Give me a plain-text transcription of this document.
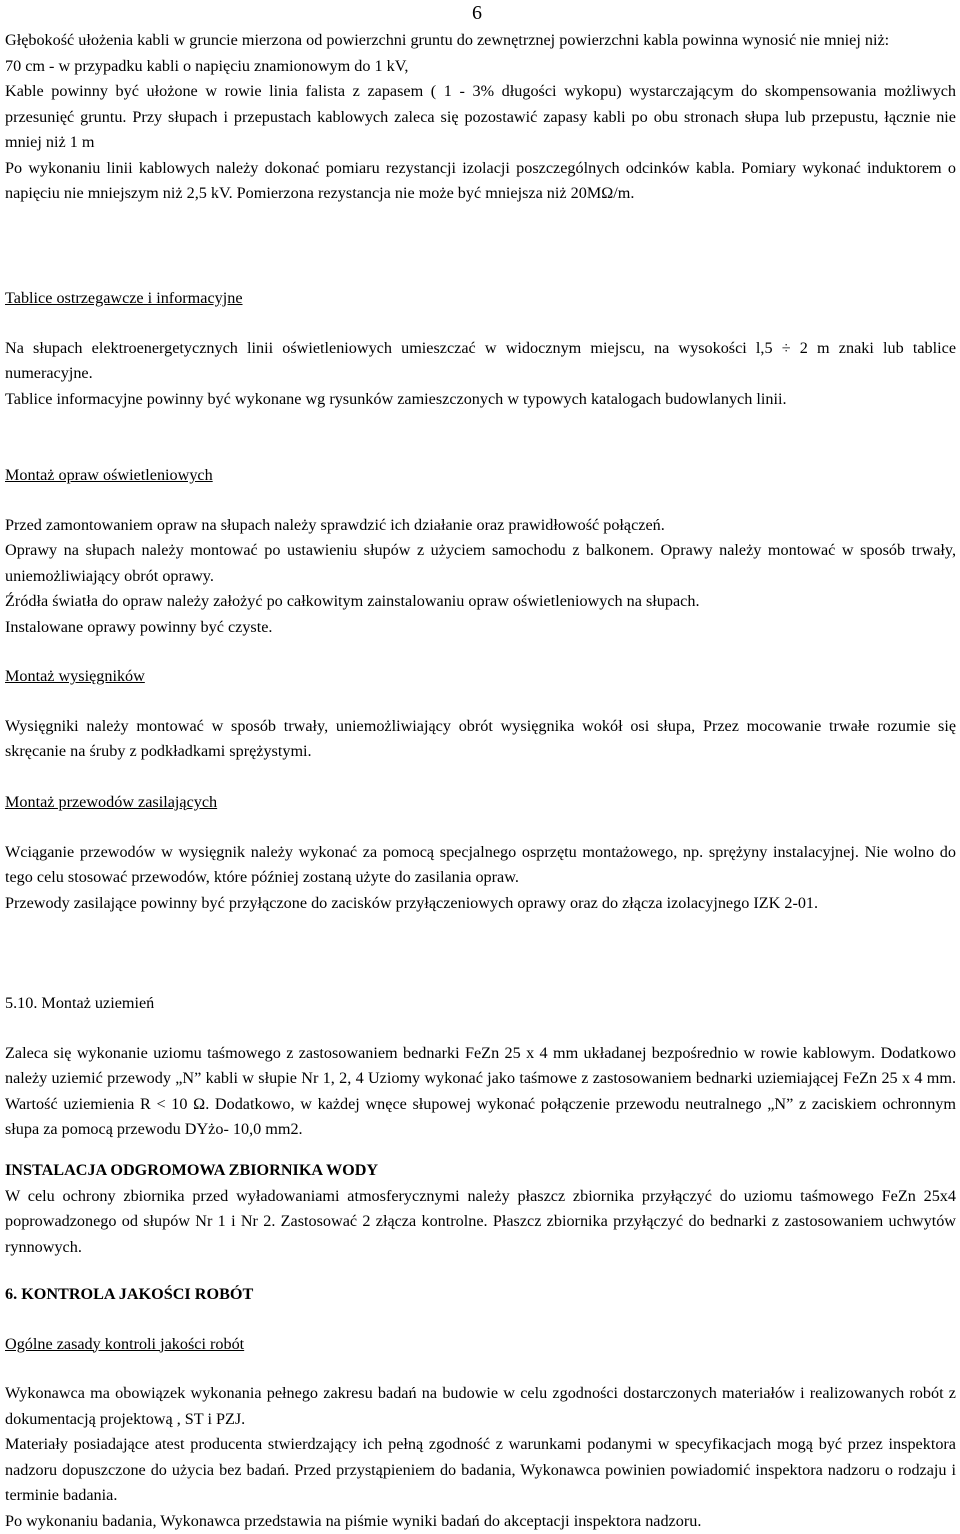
6

Głębokość ułożenia kabli w gruncie mierzona od powierzchni gruntu do zewnętrznej powierzchni kabla powinna wynosić nie mniej niż:

70 cm - w przypadku kabli o napięciu znamionowym do 1 kV,

Kable powinny być ułożone w rowie linia falista z zapasem ( 1 - 3% długości wykopu) wystarczającym do skompensowania możliwych przesunięć gruntu. Przy słupach i przepustach kablowych zaleca się pozostawić zapasy kabli po obu stronach słupa lub przepustu, łącznie nie mniej niż 1 m

Po wykonaniu linii kablowych należy dokonać pomiaru rezystancji izolacji poszczególnych odcinków kabla. Pomiary wykonać induktorem o napięciu nie mniejszym niż 2,5 kV. Pomierzona rezystancja nie może być mniejsza niż 20MΩ/m.

Tablice ostrzegawcze i informacyjne

Na słupach elektroenergetycznych linii oświetleniowych umieszczać w widocznym miejscu, na wysokości l,5 ÷ 2 m znaki lub tablice numeracyjne.

Tablice informacyjne powinny być wykonane wg rysunków zamieszczonych w typowych katalogach budowlanych linii.

Montaż opraw oświetleniowych

Przed zamontowaniem opraw na słupach należy sprawdzić ich działanie oraz prawidłowość połączeń.

Oprawy na słupach należy montować po ustawieniu słupów z użyciem samochodu z balkonem. Oprawy należy montować w sposób trwały, uniemożliwiający obrót oprawy.

Źródła światła do opraw należy założyć po całkowitym zainstalowaniu opraw oświetleniowych na słupach.

Instalowane oprawy powinny być czyste.

Montaż wysięgników

Wysięgniki należy montować w sposób trwały, uniemożliwiający obrót wysięgnika wokół osi słupa, Przez mocowanie trwałe rozumie się skręcanie na śruby z podkładkami sprężystymi.

Montaż przewodów zasilających

Wciąganie przewodów w wysięgnik należy wykonać za pomocą specjalnego osprzętu montażowego, np. sprężyny instalacyjnej. Nie wolno do tego celu stosować przewodów, które później zostaną użyte do zasilania opraw.

Przewody zasilające powinny być przyłączone do zacisków przyłączeniowych oprawy oraz do złącza izolacyjnego IZK 2-01.

5.10. Montaż uziemień

Zaleca się wykonanie uziomu taśmowego z zastosowaniem bednarki FeZn 25 x 4 mm układanej bezpośrednio w rowie kablowym. Dodatkowo należy uziemić przewody „N” kabli w słupie Nr 1, 2, 4 Uziomy wykonać jako taśmowe z zastosowaniem bednarki uziemiającej FeZn 25 x 4 mm. Wartość uziemienia R < 10 Ω. Dodatkowo, w każdej wnęce słupowej wykonać połączenie przewodu neutralnego „N” z zaciskiem ochronnym słupa za pomocą przewodu DYżo- 10,0 mm2.

INSTALACJA ODGROMOWA ZBIORNIKA WODY

W celu ochrony zbiornika przed wyładowaniami atmosferycznymi należy płaszcz zbiornika przyłączyć do uziomu taśmowego FeZn 25x4 poprowadzonego od słupów Nr 1 i Nr 2. Zastosować 2 złącza kontrolne. Płaszcz zbiornika przyłączyć do bednarki z zastosowaniem uchwytów rynnowych.

6. KONTROLA JAKOŚCI ROBÓT

Ogólne zasady kontroli jakości robót

Wykonawca ma obowiązek wykonania pełnego zakresu badań na budowie w celu zgodności dostarczonych materiałów i realizowanych robót z dokumentacją projektową , ST i PZJ.

Materiały posiadające atest producenta stwierdzający ich pełną zgodność z warunkami podanymi w specyfikacjach mogą być przez inspektora nadzoru dopuszczone do użycia bez badań. Przed przystąpieniem do badania, Wykonawca powinien powiadomić inspektora nadzoru o rodzaju i terminie badania.

Po wykonaniu badania, Wykonawca przedstawia na piśmie wyniki badań do akceptacji inspektora nadzoru.
